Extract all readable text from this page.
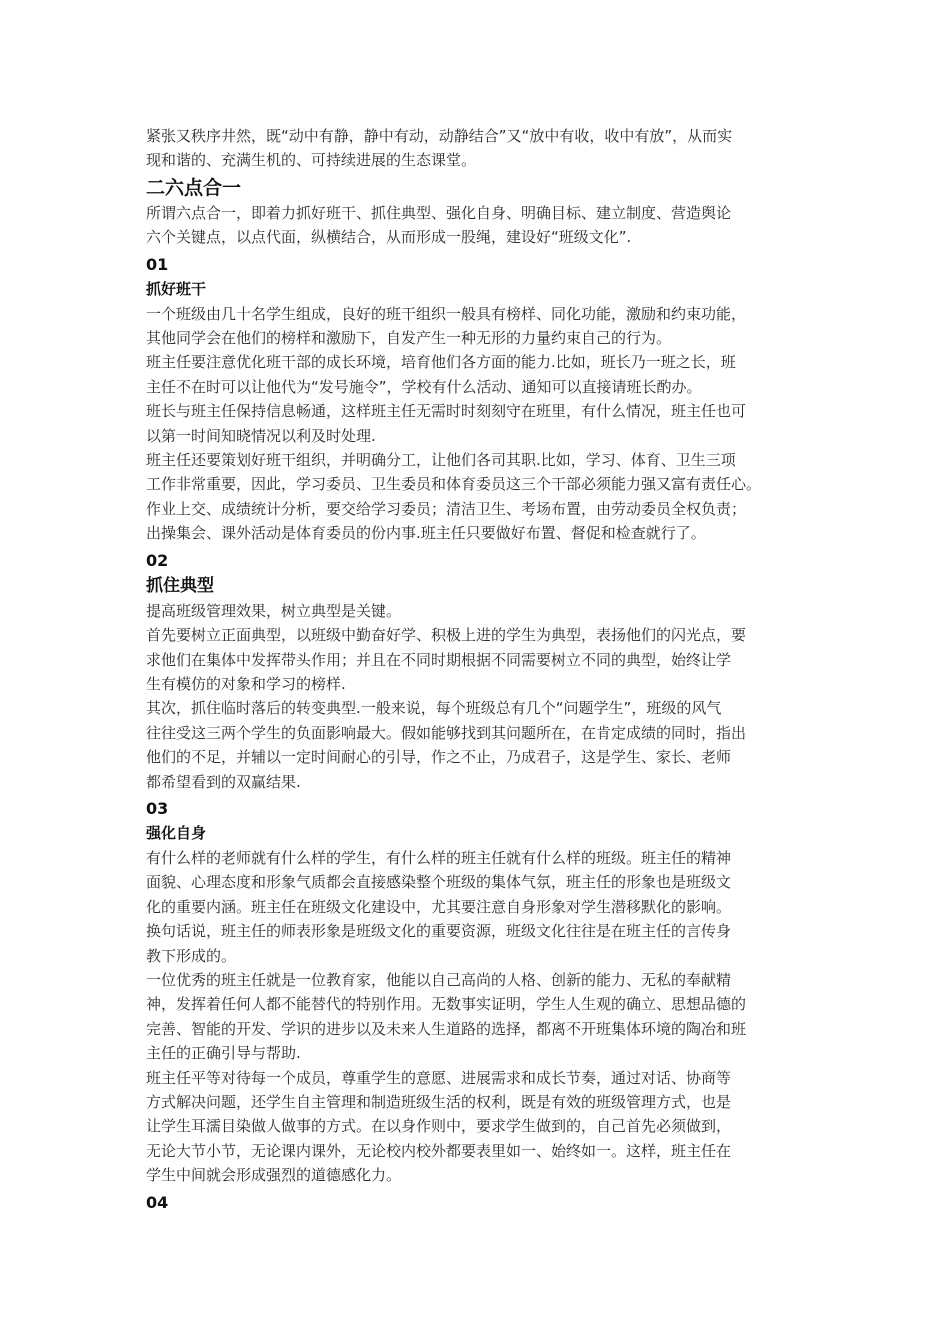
紧张又秩序井然，既“动中有静，静中有动，动静结合”又“放中有收，收中有放”，从而实
现和谐的、充满生机的、可持续进展的生态课堂。

二六点合一

所谓六点合一，即着力抓好班干、抓住典型、强化自身、明确目标、建立制度、营造舆论
六个关键点，以点代面，纵横结合，从而形成一股绳，建设好“班级文化”.

01
抓好班干

一个班级由几十名学生组成，良好的班干组织一般具有榜样、同化功能，激励和约束功能，
其他同学会在他们的榜样和激励下，自发产生一种无形的力量约束自己的行为。

班主任要注意优化班干部的成长环境，培育他们各方面的能力.比如，班长乃一班之长，班
主任不在时可以让他代为“发号施令”，学校有什么活动、通知可以直接请班长酌办。

班长与班主任保持信息畅通，这样班主任无需时时刻刻守在班里，有什么情况，班主任也可
以第一时间知晓情况以利及时处理.

班主任还要策划好班干组织，并明确分工，让他们各司其职.比如，学习、体育、卫生三项
工作非常重要，因此，学习委员、卫生委员和体育委员这三个干部必须能力强又富有责任心。
作业上交、成绩统计分析，要交给学习委员；清洁卫生、考场布置，由劳动委员全权负责；
出操集会、课外活动是体育委员的份内事.班主任只要做好布置、督促和检查就行了。

02
抓住典型

提高班级管理效果，树立典型是关键。

首先要树立正面典型，以班级中勤奋好学、积极上进的学生为典型，表扬他们的闪光点，要
求他们在集体中发挥带头作用；并且在不同时期根据不同需要树立不同的典型，始终让学
生有模仿的对象和学习的榜样.

其次，抓住临时落后的转变典型.一般来说，每个班级总有几个“问题学生”，班级的风气
往往受这三两个学生的负面影响最大。假如能够找到其问题所在，在肯定成绩的同时，指出
他们的不足，并辅以一定时间耐心的引导，作之不止，乃成君子，这是学生、家长、老师
都希望看到的双赢结果.

03
强化自身

有什么样的老师就有什么样的学生，有什么样的班主任就有什么样的班级。班主任的精神
面貌、心理态度和形象气质都会直接感染整个班级的集体气氛，班主任的形象也是班级文
化的重要内涵。班主任在班级文化建设中，尤其要注意自身形象对学生潜移默化的影响。
换句话说，班主任的师表形象是班级文化的重要资源，班级文化往往是在班主任的言传身
教下形成的。

一位优秀的班主任就是一位教育家，他能以自己高尚的人格、创新的能力、无私的奉献精
神，发挥着任何人都不能替代的特别作用。无数事实证明，学生人生观的确立、思想品德的
完善、智能的开发、学识的进步以及未来人生道路的选择，都离不开班集体环境的陶冶和班
主任的正确引导与帮助.

班主任平等对待每一个成员，尊重学生的意愿、进展需求和成长节奏，通过对话、协商等
方式解决问题，还学生自主管理和制造班级生活的权利，既是有效的班级管理方式，也是
让学生耳濡目染做人做事的方式。在以身作则中，要求学生做到的，自己首先必须做到，
无论大节小节，无论课内课外，无论校内校外都要表里如一、始终如一。这样，班主任在
学生中间就会形成强烈的道德感化力。

04
